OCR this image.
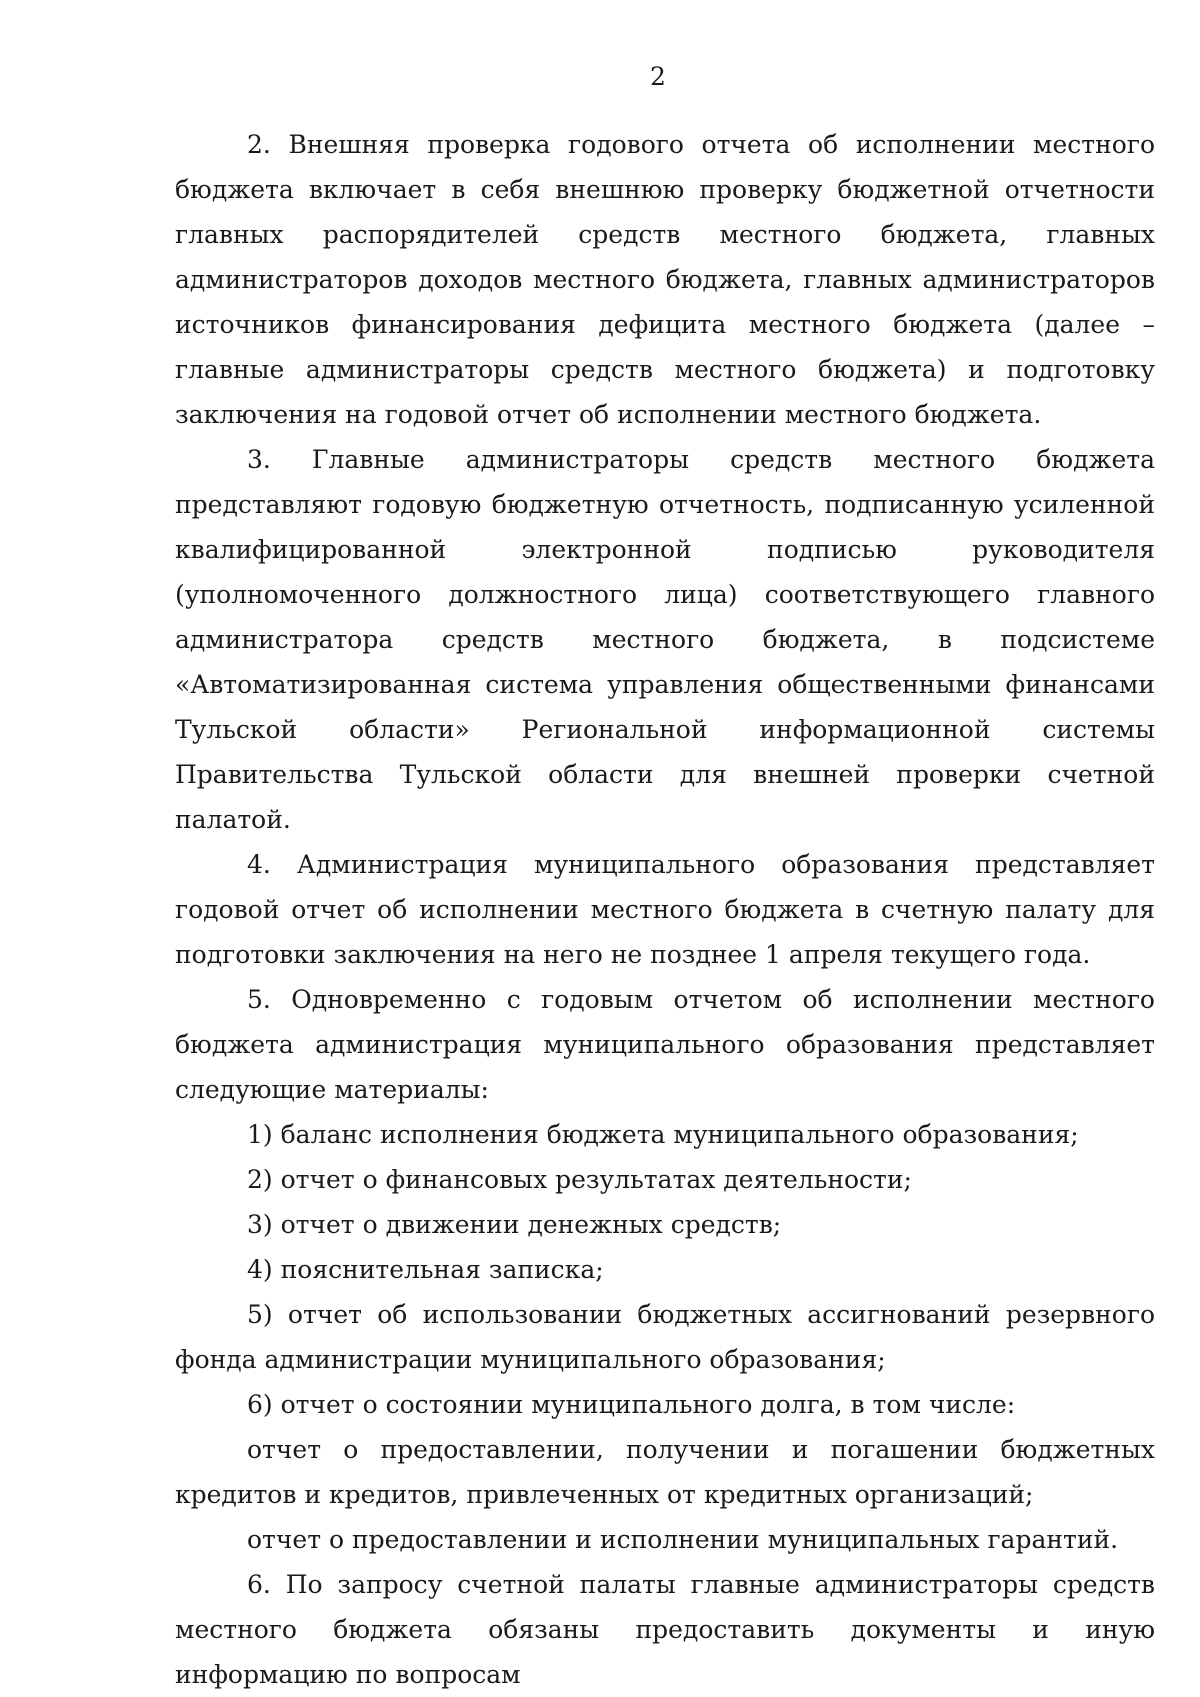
2

2. Внешняя проверка годового отчета об исполнении местного бюджета включает в себя внешнюю проверку бюджетной отчетности главных распорядителей средств местного бюджета, главных администраторов доходов местного бюджета, главных администраторов источников финансирования дефицита местного бюджета (далее – главные администраторы средств местного бюджета) и подготовку заключения на годовой отчет об исполнении местного бюджета.

3. Главные администраторы средств местного бюджета представляют годовую бюджетную отчетность, подписанную усиленной квалифицированной электронной подписью руководителя (уполномоченного должностного лица) соответствующего главного администратора средств местного бюджета, в подсистеме «Автоматизированная система управления общественными финансами Тульской области» Региональной информационной системы Правительства Тульской области для внешней проверки счетной палатой.

4. Администрация муниципального образования представляет годовой отчет об исполнении местного бюджета в счетную палату для подготовки заключения на него не позднее 1 апреля текущего года.

5. Одновременно с годовым отчетом об исполнении местного бюджета администрация муниципального образования представляет следующие материалы:

1) баланс исполнения бюджета муниципального образования;

2) отчет о финансовых результатах деятельности;

3) отчет о движении денежных средств;

4) пояснительная записка;

5) отчет об использовании бюджетных ассигнований резервного фонда администрации муниципального образования;

6) отчет о состоянии муниципального долга, в том числе:

отчет о предоставлении, получении и погашении бюджетных кредитов и кредитов, привлеченных от кредитных организаций;

отчет о предоставлении и исполнении муниципальных гарантий.

6. По запросу счетной палаты главные администраторы средств местного бюджета обязаны предоставить документы и иную информацию по вопросам
